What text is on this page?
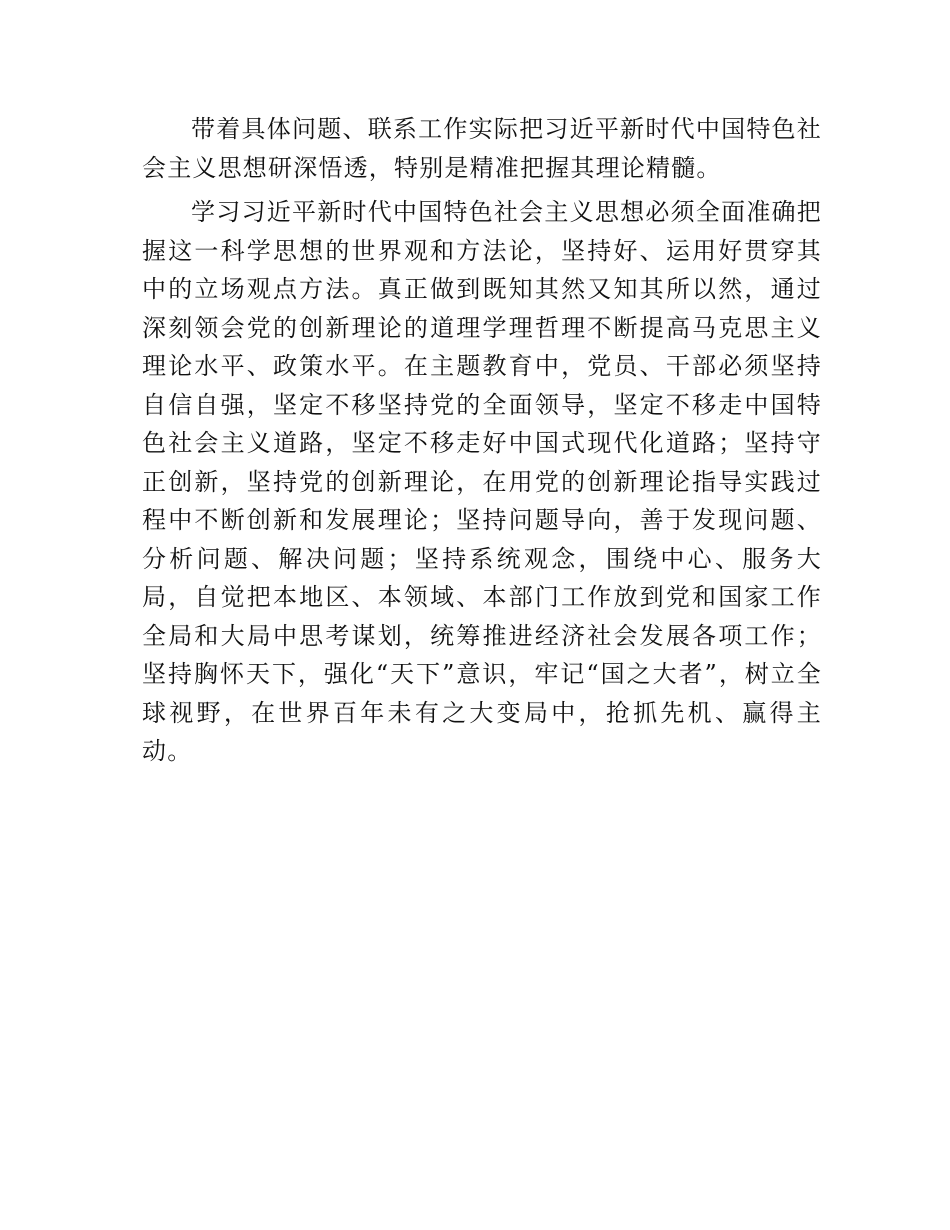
带着具体问题、联系工作实际把习近平新时代中国特色社会主义思想研深悟透，特别是精准把握其理论精髓。

学习习近平新时代中国特色社会主义思想必须全面准确把握这一科学思想的世界观和方法论，坚持好、运用好贯穿其中的立场观点方法。真正做到既知其然又知其所以然，通过深刻领会党的创新理论的道理学理哲理不断提高马克思主义理论水平、政策水平。在主题教育中，党员、干部必须坚持自信自强，坚定不移坚持党的全面领导，坚定不移走中国特色社会主义道路，坚定不移走好中国式现代化道路；坚持守正创新，坚持党的创新理论，在用党的创新理论指导实践过程中不断创新和发展理论；坚持问题导向，善于发现问题、分析问题、解决问题；坚持系统观念，围绕中心、服务大局，自觉把本地区、本领域、本部门工作放到党和国家工作全局和大局中思考谋划，统筹推进经济社会发展各项工作；坚持胸怀天下，强化“天下”意识，牢记“国之大者”，树立全球视野，在世界百年未有之大变局中，抢抓先机、赢得主动。
